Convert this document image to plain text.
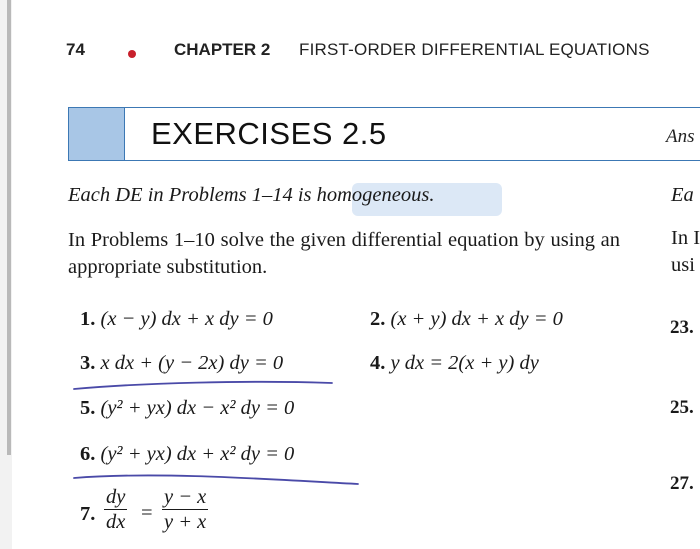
74	CHAPTER 2 FIRST-ORDER DIFFERENTIAL EQUATIONS
EXERCISES 2.5	Ans
Each DE in Problems 1–14 is homogeneous.
In Problems 1–10 solve the given differential equation by using an appropriate substitution.
1. (x − y) dx + x dy = 0	2. (x + y) dx + x dy = 0
3. x dx + (y − 2x) dy = 0	4. y dx = 2(x + y) dy
5. (y² + yx) dx − x² dy = 0
6. (y² + yx) dx + x² dy = 0
7.
dy
dx =
y − x
y + x
Ea
In I
usi
23.
25.
27.
